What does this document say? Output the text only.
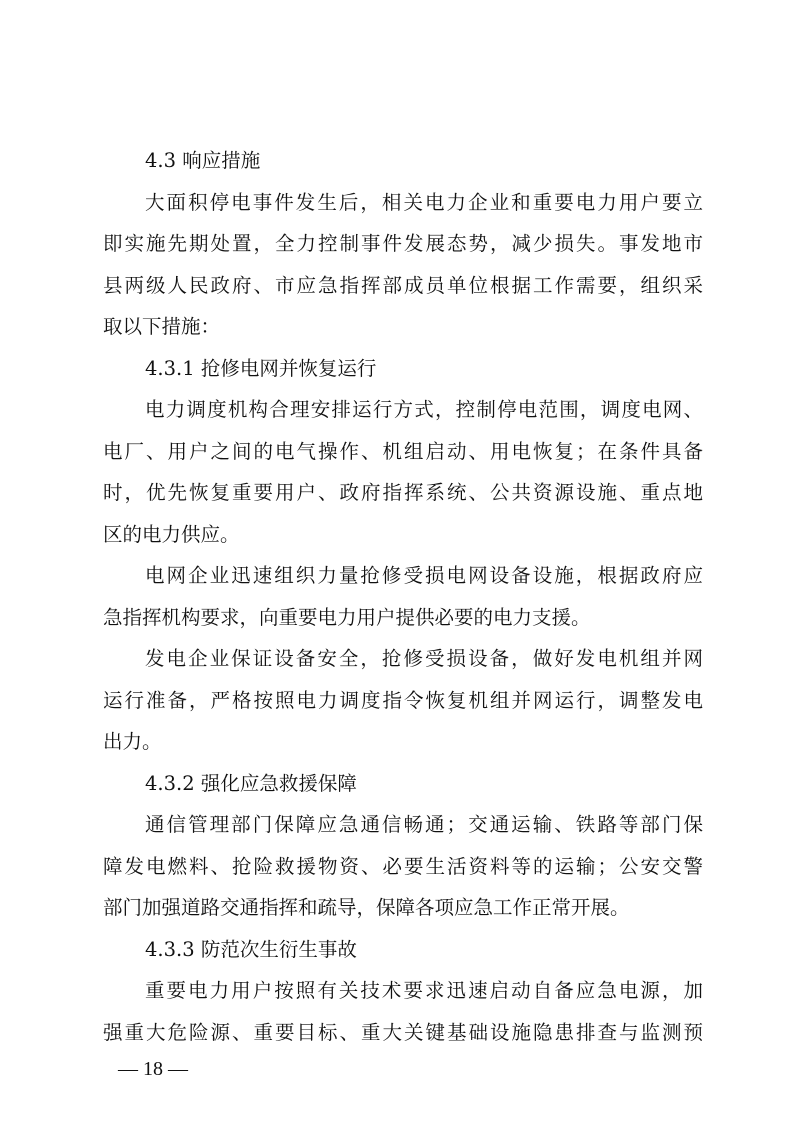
4.3 响应措施
大面积停电事件发生后，相关电力企业和重要电力用户要立
即实施先期处置，全力控制事件发展态势，减少损失。事发地市
县两级人民政府、市应急指挥部成员单位根据工作需要，组织采
取以下措施：
4.3.1 抢修电网并恢复运行
电力调度机构合理安排运行方式，控制停电范围，调度电网、
电厂、用户之间的电气操作、机组启动、用电恢复；在条件具备
时，优先恢复重要用户、政府指挥系统、公共资源设施、重点地
区的电力供应。
电网企业迅速组织力量抢修受损电网设备设施，根据政府应
急指挥机构要求，向重要电力用户提供必要的电力支援。
发电企业保证设备安全，抢修受损设备，做好发电机组并网
运行准备，严格按照电力调度指令恢复机组并网运行，调整发电
出力。
4.3.2 强化应急救援保障
通信管理部门保障应急通信畅通；交通运输、铁路等部门保
障发电燃料、抢险救援物资、必要生活资料等的运输；公安交警
部门加强道路交通指挥和疏导，保障各项应急工作正常开展。
4.3.3 防范次生衍生事故
重要电力用户按照有关技术要求迅速启动自备应急电源，加
强重大危险源、重要目标、重大关键基础设施隐患排查与监测预
— 18 —
